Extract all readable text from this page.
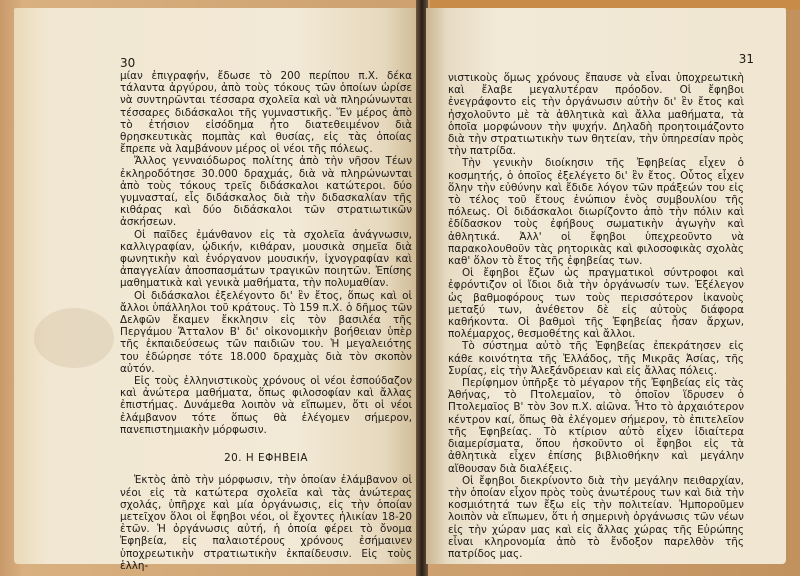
30

μίαν ἐπιγραφήν, ἔδωσε τὸ 200 περίπου π.Χ. δέκα τάλαντα ἀργύρου, ἀπὸ τοὺς τόκους τῶν ὁποίων ὡρίσε νὰ συντηρῶνται τέσσαρα σχολεῖα καὶ νὰ πληρώνωνται τέσσαρες διδάσκαλοι τῆς γυμναστικῆς. Ἕν μέρος ἀπὸ τὸ ἐτήσιον εἰσόδημα ἦτο διατεθειμένον διὰ θρησκευτικὰς πομπὰς καὶ θυσίας, εἰς τὰς ὁποίας ἔπρεπε νὰ λαμβάνουν μέρος οἱ νέοι τῆς πόλεως.

Ἄλλος γενναιόδωρος πολίτης ἀπὸ τὴν νῆσον Τέων ἐκληροδότησε 30.000 δραχμάς, διὰ νὰ πληρώνωνται ἀπὸ τοὺς τόκους τρεῖς διδάσκαλοι κατώτεροι. δύο γυμνασταί, εἷς διδάσκαλος διὰ τὴν διδασκαλίαν τῆς κιθάρας καὶ δύο διδάσκαλοι τῶν στρατιωτικῶν ἀσκήσεων.

Οἱ παῖδες ἐμάνθανον εἰς τὰ σχολεῖα ἀνάγνωσιν, καλλιγραφίαν, ᾠδικήν, κιθάραν, μουσικὰ σημεῖα διὰ φωνητικὴν καὶ ἐνόργανον μουσικήν, ἰχνογραφίαν καὶ ἀπαγγελίαν ἀποσπασμάτων τραγικῶν ποιητῶν. Ἐπίσης μαθηματικὰ καὶ γενικὰ μαθήματα, τὴν πολυμαθίαν.

Οἱ διδάσκαλοι ἐξελέγοντο δι' ἓν ἔτος, ὅπως καὶ οἱ ἄλλοι ὑπάλληλοι τοῦ κράτους. Τὸ 159 π.Χ. ὁ δῆμος τῶν Δελφῶν ἔκαμεν ἔκκλησιν εἰς τὸν βασιλέα τῆς Περγάμου Ἄτταλον Β' δι' οἰκονομικὴν βοήθειαν ὑπὲρ τῆς ἐκπαιδεύσεως τῶν παιδιῶν του. Ἡ μεγαλειότης του ἐδώρησε τότε 18.000 δραχμὰς διὰ τὸν σκοπὸν αὐτόν.

Εἰς τοὺς ἑλληνιστικοὺς χρόνους οἱ νέοι ἐσπούδαζον καὶ ἀνώτερα μαθήματα, ὅπως φιλοσοφίαν καὶ ἄλλας ἐπιστήμας. Δυνάμεθα λοιπὸν νὰ εἴπωμεν, ὅτι οἱ νέοι ἐλάμβανον τότε ὅπως θὰ ἐλέγομεν σήμερον, πανεπιστημιακὴν μόρφωσιν.

20. Η ΕΦΗΒΕΙΑ

Ἐκτὸς ἀπὸ τὴν μόρφωσιν, τὴν ὁποίαν ἐλάμβανον οἱ νέοι εἰς τὰ κατώτερα σχολεῖα καὶ τὰς ἀνώτερας σχολάς, ὑπῆρχε καὶ μία ὀργάνωσις, εἰς τὴν ὁποίαν μετεῖχον ὅλοι οἱ ἔφηβοι νέοι, οἱ ἔχοντες ἡλικίαν 18-20 ἐτῶν. Ἡ ὀργάνωσις αὐτή, ἡ ὁποία φέρει τὸ ὄνομα Ἐφηβεία, εἰς παλαιοτέρους χρόνους ἐσήμαινεν ὑποχρεωτικὴν στρατιωτικὴν ἐκπαίδευσιν. Εἰς τοὺς ἑλλη-

31

νιστικοὺς ὅμως χρόνους ἔπαυσε νὰ εἶναι ὑποχρεωτικὴ καὶ ἔλαβε μεγαλυτέραν πρόοδον. Οἱ ἔφηβοι ἐνεγράφοντο εἰς τὴν ὀργάνωσιν αὐτὴν δι' ἓν ἔτος καὶ ἠσχολοῦντο μὲ τὰ ἀθλητικὰ καὶ ἄλλα μαθήματα, τὰ ὁποῖα μορφώνουν τὴν ψυχήν. Δηλαδὴ προητοιμάζοντο διὰ τὴν στρατιωτικὴν των θητείαν, τὴν ὑπηρεσίαν πρὸς τὴν πατρίδα.

Τὴν γενικὴν διοίκησιν τῆς Ἐφηβείας εἶχεν ὁ κοσμητής, ὁ ὁποῖος ἐξελέγετο δι' ἓν ἔτος. Οὗτος εἶχεν ὅλην τὴν εὐθύνην καὶ ἔδιδε λόγον τῶν πράξεών του εἰς τὸ τέλος τοῦ ἔτους ἐνώπιον ἑνὸς συμβουλίου τῆς πόλεως. Οἱ διδάσκαλοι διωρίζοντο ἀπὸ τὴν πόλιν καὶ ἐδίδασκον τοὺς ἐφήβους σωματικὴν ἀγωγὴν καὶ ἀθλητικά. Ἀλλ' οἱ ἔφηβοι ὑπεχρεοῦντο νὰ παρακολουθοῦν τὰς ρητορικὰς καὶ φιλοσοφικὰς σχολὰς καθ' ὅλον τὸ ἔτος τῆς ἐφηβείας των.

Οἱ ἔφηβοι ἔζων ὡς πραγματικοὶ σύντροφοι καὶ ἐφρόντιζον οἱ ἴδιοι διὰ τὴν ὀργάνωσίν των. Ἐξέλεγον ὡς βαθμοφόρους των τοὺς περισσότερον ἱκανοὺς μεταξύ των, ἀνέθετον δὲ εἰς αὐτοὺς διάφορα καθήκοντα. Οἱ βαθμοὶ τῆς Ἐφηβείας ἦσαν ἄρχων, πολέμαρχος, θεσμοθέτης καὶ ἄλλοι.

Τὸ σύστημα αὐτὸ τῆς Ἐφηβείας ἐπεκράτησεν εἰς κάθε κοινότητα τῆς Ἑλλάδος, τῆς Μικρᾶς Ἀσίας, τῆς Συρίας, εἰς τὴν Ἀλεξάνδρειαν καὶ εἰς ἄλλας πόλεις.

Περίφημον ὑπῆρξε τὸ μέγαρον τῆς Ἐφηβείας εἰς τὰς Ἀθήνας, τὸ Πτολεμαῖον, τὸ ὁποῖον ἵδρυσεν ὁ Πτολεμαῖος Β' τὸν 3ον π.Χ. αἰῶνα. Ἦτο τὸ ἀρχαιότερον κέντρον καί, ὅπως θὰ ἐλέγομεν σήμερον, τὸ ἐπιτελεῖον τῆς Ἐφηβείας. Τὸ κτίριον αὐτὸ εἶχεν ἰδιαίτερα διαμερίσματα, ὅπου ἠσκοῦντο οἱ ἔφηβοι εἰς τὰ ἀθλητικὰ εἶχεν ἐπίσης βιβλιοθήκην καὶ μεγάλην αἴθουσαν διὰ διαλέξεις.

Οἱ ἔφηβοι διεκρίνοντο διὰ τὴν μεγάλην πειθαρχίαν, τὴν ὁποίαν εἶχον πρὸς τοὺς ἀνωτέρους των καὶ διὰ τὴν κοσμιότητά των ἔξω εἰς τὴν πολιτείαν. Ἠμποροῦμεν λοιπὸν νὰ εἴπωμεν, ὅτι ἡ σημερινὴ ὀργάνωσις τῶν νέων εἰς τὴν χώραν μας καὶ εἰς ἄλλας χώρας τῆς Εὐρώπης εἶναι κληρονομία ἀπὸ τὸ ἔνδοξον παρελθὸν τῆς πατρίδος μας.
